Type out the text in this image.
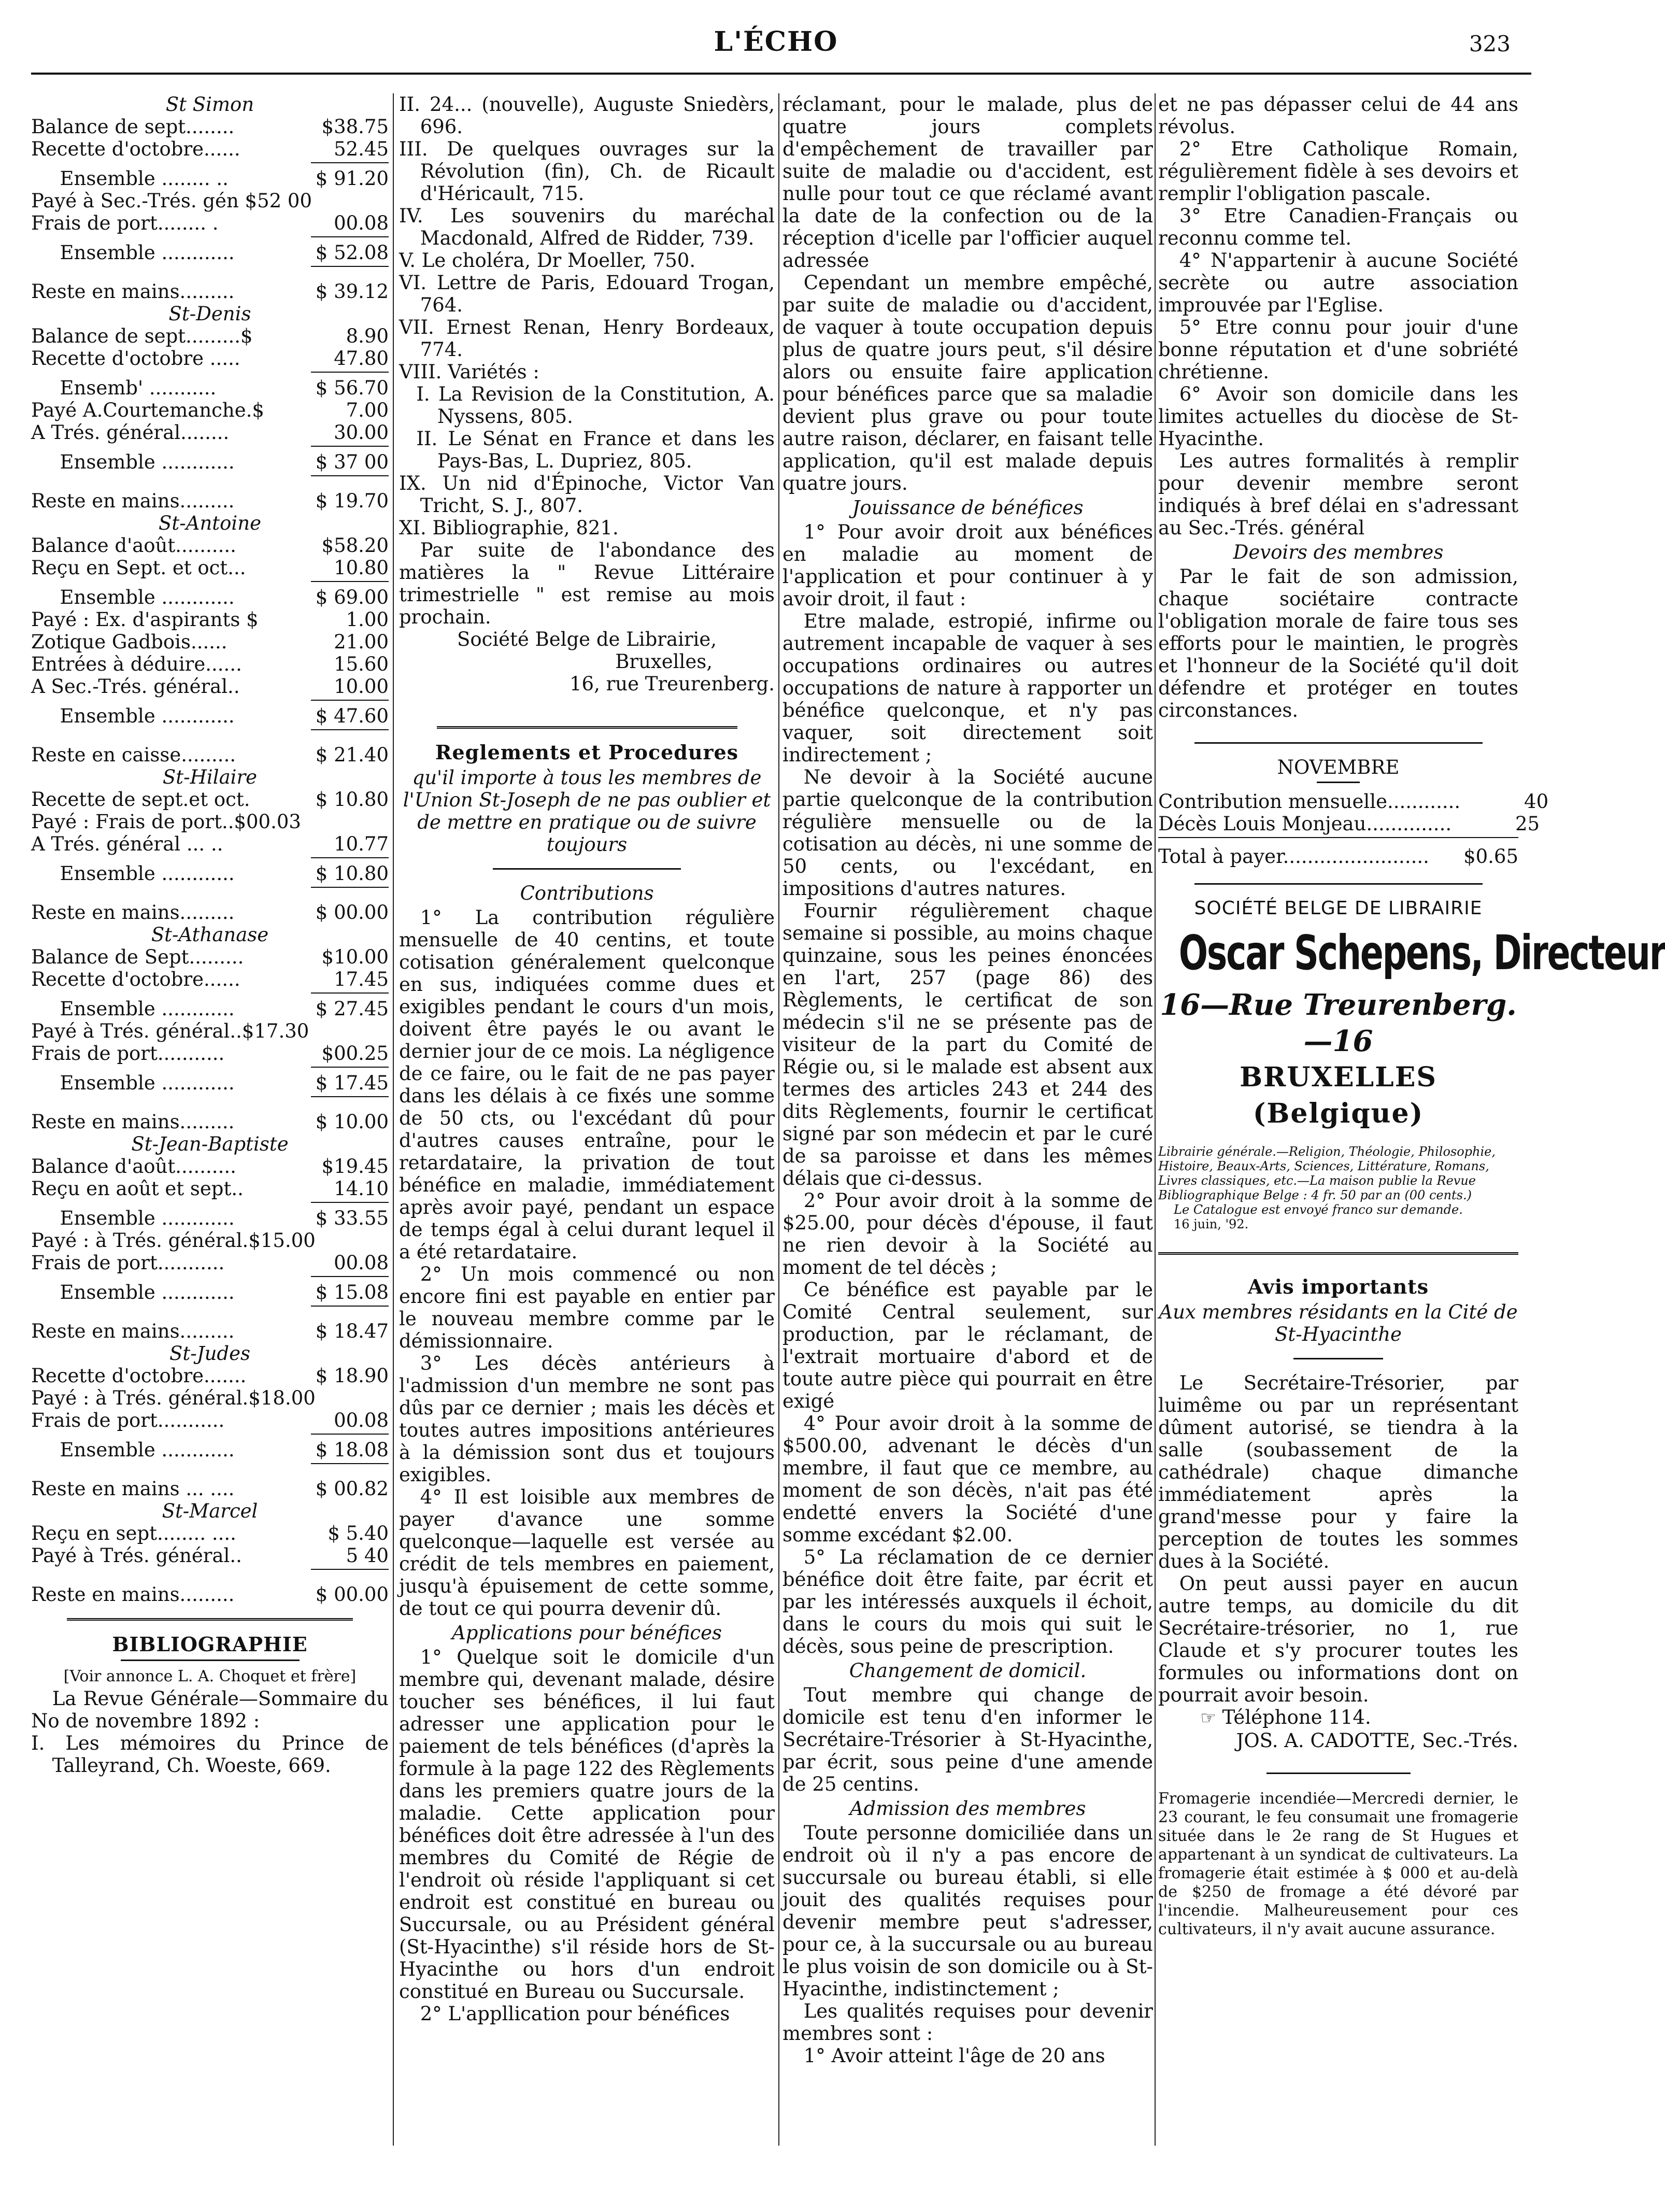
L'ÉCHO	323

St Simon

Balance de sept........	$38.75
Recette d'octobre......	52.45
Ensemble ........ ..	$ 91.20
Payé à Sec.-Trés. gén $52 00
Frais de port........ .	00.08
Ensemble ............	$ 52.08
Reste en mains.........	$ 39.12

St-Denis

Balance de sept.........$	8.90
Recette d'octobre .....	47.80
Ensemb' ...........	$ 56.70
Payé A.Courtemanche.$	7.00
A Trés. général........	30.00
Ensemble ............	$ 37 00
Reste en mains.........	$ 19.70

St-Antoine

Balance d'août..........	$58.20
Reçu en Sept. et oct...	10.80
Ensemble ............	$ 69.00
Payé : Ex. d'aspirants $	1.00
Zotique Gadbois......	21.00
Entrées à déduire......	15.60
A Sec.-Trés. général..	10.00
Ensemble ............	$ 47.60
Reste en caisse.........	$ 21.40

St-Hilaire

Recette de sept.et oct.	$ 10.80
Payé : Frais de port..$00.03
A Trés. général ... ..	10.77
Ensemble ............	$ 10.80
Reste en mains.........	$ 00.00

St-Athanase

Balance de Sept.........	$10.00
Recette d'octobre......	17.45
Ensemble ............	$ 27.45
Payé à Trés. général..$17.30
Frais de port...........	$00.25
Ensemble ............	$ 17.45
Reste en mains.........	$ 10.00

St-Jean-Baptiste

Balance d'août..........	$19.45
Reçu en août et sept..	14.10
Ensemble ............	$ 33.55
Payé : à Trés. général.$15.00
Frais de port...........	00.08
Ensemble ............	$ 15.08
Reste en mains.........	$ 18.47

St-Judes

Recette d'octobre.......	$ 18.90
Payé : à Trés. général.$18.00
Frais de port...........	00.08
Ensemble ............	$ 18.08
Reste en mains ... ....	$ 00.82

St-Marcel

Reçu en sept........ ....	$ 5.40
Payé à Trés. général..	5 40
Reste en mains.........	$ 00.00

BIBLIOGRAPHIE

[Voir annonce L. A. Choquet et frère]

La Revue Générale—Sommaire du No de novembre 1892 :

I. Les mémoires du Prince de Talleyrand, Ch. Woeste, 669.

II. 24... (nouvelle), Auguste Sniedèrs, 696.

III. De quelques ouvrages sur la Révolution (fin), Ch. de Ricault d'Héricault, 715.

IV. Les souvenirs du maréchal Macdonald, Alfred de Ridder, 739.

V. Le choléra, Dr Moeller, 750.

VI. Lettre de Paris, Edouard Trogan, 764.

VII. Ernest Renan, Henry Bordeaux, 774.

VIII. Variétés :

I. La Revision de la Constitution, A. Nyssens, 805.

II. Le Sénat en France et dans les Pays-Bas, L. Dupriez, 805.

IX. Un nid d'Épinoche, Victor Van Tricht, S. J., 807.

XI. Bibliographie, 821.

Par suite de l'abondance des matières la " Revue Littéraire trimestrielle " est remise au mois prochain.

Société Belge de Librairie,

Bruxelles,

16, rue Treurenberg.

Reglements et Procedures

qu'il importe à tous les membres de l'Union St-Joseph de ne pas oublier et de mettre en pratique ou de suivre toujours

Contributions

1° La contribution régulière mensuelle de 40 centins, et toute cotisation généralement quelconque en sus, indiquées comme dues et exigibles pendant le cours d'un mois, doivent être payés le ou avant le dernier jour de ce mois. La négligence de ce faire, ou le fait de ne pas payer dans les délais à ce fixés une somme de 50 cts, ou l'excédant dû pour d'autres causes entraîne, pour le retardataire, la privation de tout bénéfice en maladie, immédiatement après avoir payé, pendant un espace de temps égal à celui durant lequel il a été retardataire.

2° Un mois commencé ou non encore fini est payable en entier par le nouveau membre comme par le démissionnaire.

3° Les décès antérieurs à l'admission d'un membre ne sont pas dûs par ce dernier ; mais les décès et toutes autres impositions antérieures à la démission sont dus et toujours exigibles.

4° Il est loisible aux membres de payer d'avance une somme quelconque—laquelle est versée au crédit de tels membres en paiement, jusqu'à épuisement de cette somme, de tout ce qui pourra devenir dû.

Applications pour bénéfices

1° Quelque soit le domicile d'un membre qui, devenant malade, désire toucher ses bénéfices, il lui faut adresser une application pour le paiement de tels bénéfices (d'après la formule à la page 122 des Règlements dans les premiers quatre jours de la maladie. Cette application pour bénéfices doit être adressée à l'un des membres du Comité de Régie de l'endroit où réside l'appliquant si cet endroit est constitué en bureau ou Succursale, ou au Président général (St-Hyacinthe) s'il réside hors de St-Hyacinthe ou hors d'un endroit constitué en Bureau ou Succursale.

2° L'appllication pour bénéfices

réclamant, pour le malade, plus de quatre jours complets d'empêchement de travailler par suite de maladie ou d'accident, est nulle pour tout ce que réclamé avant la date de la confection ou de la réception d'icelle par l'officier auquel adressée

Cependant un membre empêché, par suite de maladie ou d'accident, de vaquer à toute occupation depuis plus de quatre jours peut, s'il désire alors ou ensuite faire application pour bénéfices parce que sa maladie devient plus grave ou pour toute autre raison, déclarer, en faisant telle application, qu'il est malade depuis quatre jours.

Jouissance de bénéfices

1° Pour avoir droit aux bénéfices en maladie au moment de l'application et pour continuer à y avoir droit, il faut :

Etre malade, estropié, infirme ou autrement incapable de vaquer à ses occupations ordinaires ou autres occupations de nature à rapporter un bénéfice quelconque, et n'y pas vaquer, soit directement soit indirectement ;

Ne devoir à la Société aucune partie quelconque de la contribution régulière mensuelle ou de la cotisation au décès, ni une somme de 50 cents, ou l'excédant, en impositions d'autres natures.

Fournir régulièrement chaque semaine si possible, au moins chaque quinzaine, sous les peines énoncées en l'art, 257 (page 86) des Règlements, le certificat de son médecin s'il ne se présente pas de visiteur de la part du Comité de Régie ou, si le malade est absent aux termes des articles 243 et 244 des dits Règlements, fournir le certificat signé par son médecin et par le curé de sa paroisse et dans les mêmes délais que ci-dessus.

2° Pour avoir droit à la somme de $25.00, pour décès d'épouse, il faut ne rien devoir à la Société au moment de tel décès ;

Ce bénéfice est payable par le Comité Central seulement, sur production, par le réclamant, de l'extrait mortuaire d'abord et de toute autre pièce qui pourrait en être exigé

4° Pour avoir droit à la somme de $500.00, advenant le décès d'un membre, il faut que ce membre, au moment de son décès, n'ait pas été endetté envers la Société d'une somme excédant $2.00.

5° La réclamation de ce dernier bénéfice doit être faite, par écrit et par les intéressés auxquels il échoit, dans le cours du mois qui suit le décès, sous peine de prescription.

Changement de domicil.

Tout membre qui change de domicile est tenu d'en informer le Secrétaire-Trésorier à St-Hyacinthe, par écrit, sous peine d'une amende de 25 centins.

Admission des membres

Toute personne domiciliée dans un endroit où il n'y a pas encore de succursale ou bureau établi, si elle jouit des qualités requises pour devenir membre peut s'adresser, pour ce, à la succursale ou au bureau le plus voisin de son domicile ou à St-Hyacinthe, indistinctement ;

Les qualités requises pour devenir membres sont :

1° Avoir atteint l'âge de 20 ans

et ne pas dépasser celui de 44 ans révolus.

2° Etre Catholique Romain, régulièrement fidèle à ses devoirs et remplir l'obligation pascale.

3° Etre Canadien-Français ou reconnu comme tel.

4° N'appartenir à aucune Société secrète ou autre association improuvée par l'Eglise.

5° Etre connu pour jouir d'une bonne réputation et d'une sobriété chrétienne.

6° Avoir son domicile dans les limites actuelles du diocèse de St-Hyacinthe.

Les autres formalités à remplir pour devenir membre seront indiqués à bref délai en s'adressant au Sec.-Trés. général

Devoirs des membres

Par le fait de son admission, chaque sociétaire contracte l'obligation morale de faire tous ses efforts pour le maintien, le progrès et l'honneur de la Société qu'il doit défendre et protéger en toutes circonstances.

NOVEMBRE

Contribution mensuelle............	40
Décès Louis Monjeau..............	25
Total à payer........................	$0.65

SOCIÉTÉ BELGE DE LIBRAIRIE

Oscar Schepens, Directeur

16—Rue Treurenberg.—16

BRUXELLES (Belgique)

Librairie générale.—Religion, Théologie, Philosophie, Histoire, Beaux-Arts, Sciences, Littérature, Romans, Livres classiques, etc.—La maison publie la Revue Bibliographique Belge : 4 fr. 50 par an (00 cents.)

Le Catalogue est envoyé franco sur demande.

16 juin, '92.

Avis importants

Aux membres résidants en la Cité de St-Hyacinthe

Le Secrétaire-Trésorier, par luimême ou par un représentant dûment autorisé, se tiendra à la salle (soubassement de la cathédrale) chaque dimanche immédiatement après la grand'messe pour y faire la perception de toutes les sommes dues à la Société.

On peut aussi payer en aucun autre temps, au domicile du dit Secrétaire-trésorier, no 1, rue Claude et s'y procurer toutes les formules ou informations dont on pourrait avoir besoin.

☞ Téléphone 114.

JOS. A. CADOTTE, Sec.-Trés.

Fromagerie incendiée—Mercredi dernier, le 23 courant, le feu consumait une fromagerie située dans le 2e rang de St Hugues et appartenant à un syndicat de cultivateurs. La fromagerie était estimée à $ 000 et au-delà de $250 de fromage a été dévoré par l'incendie. Malheureusement pour ces cultivateurs, il n'y avait aucune assurance.
